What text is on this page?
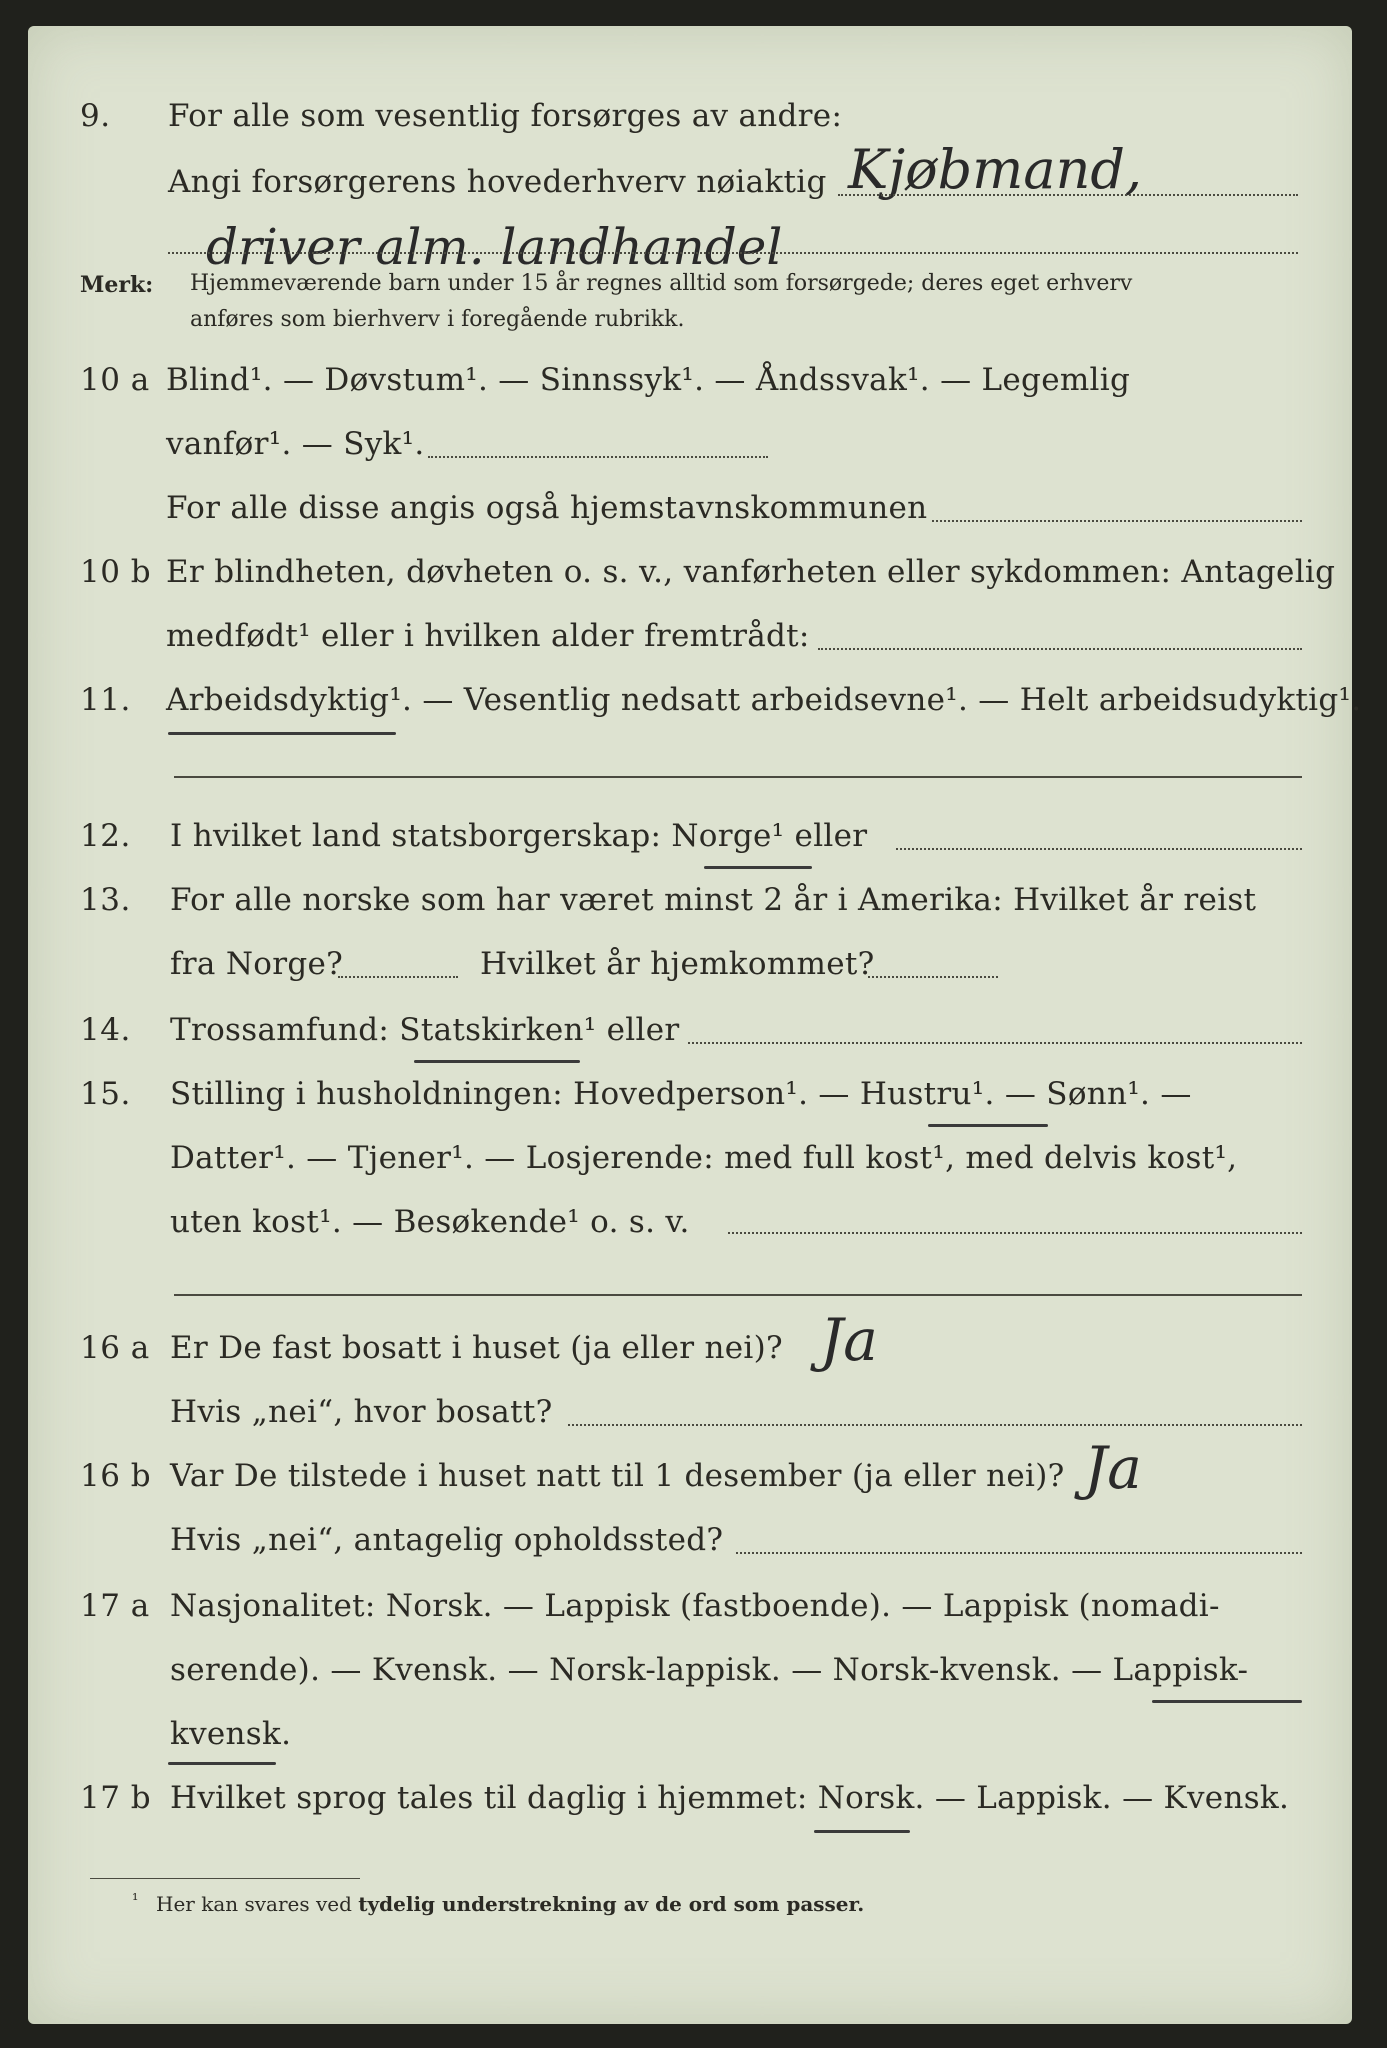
9. For alle som vesentlig forsørges av andre:
Angi forsørgerens hovederhverv nøiaktig Kjøbmand,
driver alm. landhandel
Merk: Hjemmeværende barn under 15 år regnes alltid som forsørgede; deres eget erhverv
anføres som bierhverv i foregående rubrikk.
10 a Blind¹. — Døvstum¹. — Sinnssyk¹. — Åndssvak¹. — Legemlig
vanfør¹. — Syk¹.
For alle disse angis også hjemstavnskommunen
10 b Er blindheten, døvheten o. s. v., vanførheten eller sykdommen: Antagelig
medfødt¹ eller i hvilken alder fremtrådt:
11. Arbeidsdyktig¹. — Vesentlig nedsatt arbeidsevne¹. — Helt arbeidsudyktig¹.
12. I hvilket land statsborgerskap: Norge¹ eller
13. For alle norske som har været minst 2 år i Amerika: Hvilket år reist
fra Norge?	Hvilket år hjemkommet?
14. Trossamfund: Statskirken¹ eller
15. Stilling i husholdningen: Hovedperson¹. — Hustru¹. — Sønn¹. —
Datter¹. — Tjener¹. — Losjerende: med full kost¹, med delvis kost¹,
uten kost¹. — Besøkende¹ o. s. v.
16 a Er De fast bosatt i huset (ja eller nei)? Ja
Hvis „nei“, hvor bosatt?
16 b Var De tilstede i huset natt til 1 desember (ja eller nei)? Ja
Hvis „nei“, antagelig opholdssted?
17 a Nasjonalitet: Norsk. — Lappisk (fastboende). — Lappisk (nomadi-
serende). — Kvensk. — Norsk-lappisk. — Norsk-kvensk. — Lappisk-
kvensk.
17 b Hvilket sprog tales til daglig i hjemmet: Norsk. — Lappisk. — Kvensk.
¹ Her kan svares ved tydelig understrekning av de ord som passer.
